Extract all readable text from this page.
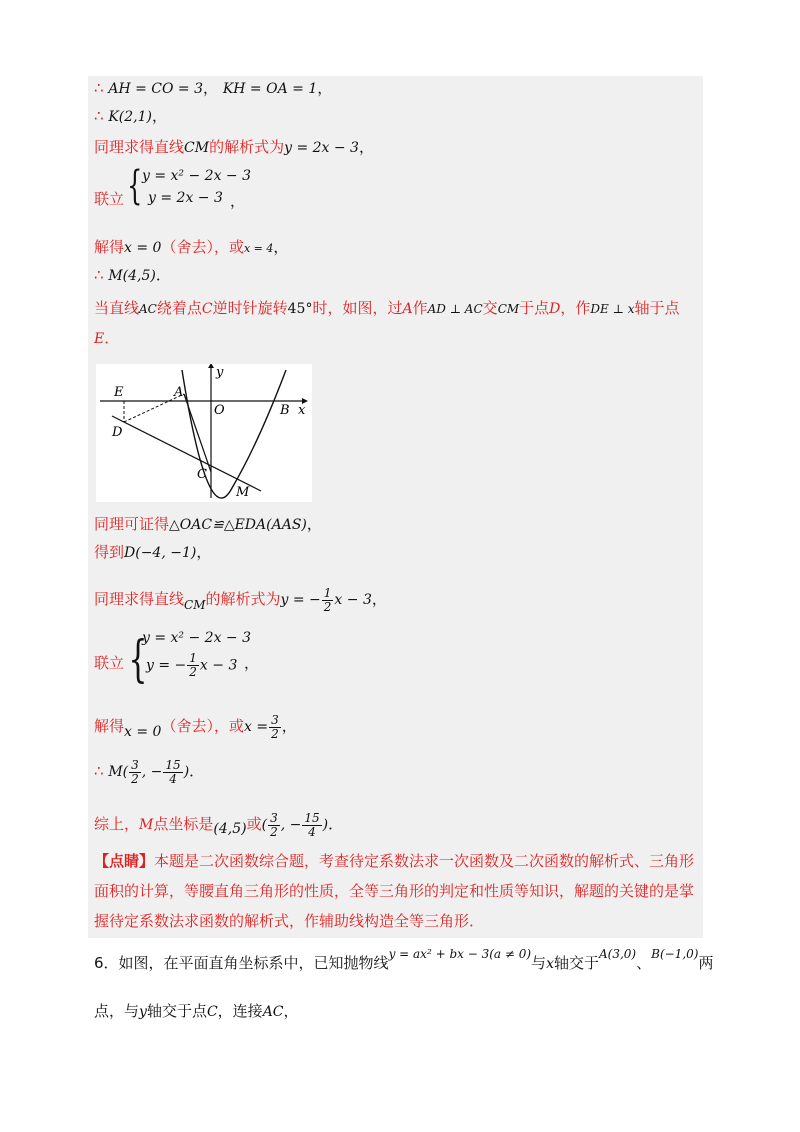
∴ AH = CO = 3， KH = OA = 1，
∴ K(2,1)，
同理求得直线CM的解析式为y = 2x − 3，
联立 { y = x² − 2x − 3
y = 2x − 3 ，
解得x = 0（舍去），或x = 4，
∴ M(4,5)．
当直线AC绕着点C逆时针旋转45°时，如图，过A作AD ⊥ AC交CM于点D，作DE ⊥ x轴于点
E．
E	A
O	B x
y
D
C
M
同理可证得△OAC≌△EDA(AAS)，
得到D(−4, −1)，
同理求得直线$_{CM}$的解析式为y = − $\frac{1}{2}$ x − 3，
联立 {
y = x² − 2x − 3
y = − $\frac{1}{2}$ x − 3 ，
解得x = 0（舍去），或$x = \frac{3}{2}$ ，
∴ $M( \frac{3}{2}$ , − $\frac{15}{4}$ )．
综上，M点坐标是(4,5)或( $\frac{3}{2}$ , − $\frac{15}{4}$ )．
【点睛】本题是二次函数综合题，考查待定系数法求一次函数及二次函数的解析式、三角形面积的计算，等腰直角三角形的性质，全等三角形的判定和性质等知识，解题的关键的是掌握待定系数法求函数的解析式，作辅助线构造全等三角形．
6．如图，在平面直角坐标系中，已知抛物线$^{y = ax^2 + bx - 3(a \ne 0)}$与x轴交于$^{A(3,0)}$、$^{B(-1,0)}$两
点，与y轴交于点C，连接AC，
